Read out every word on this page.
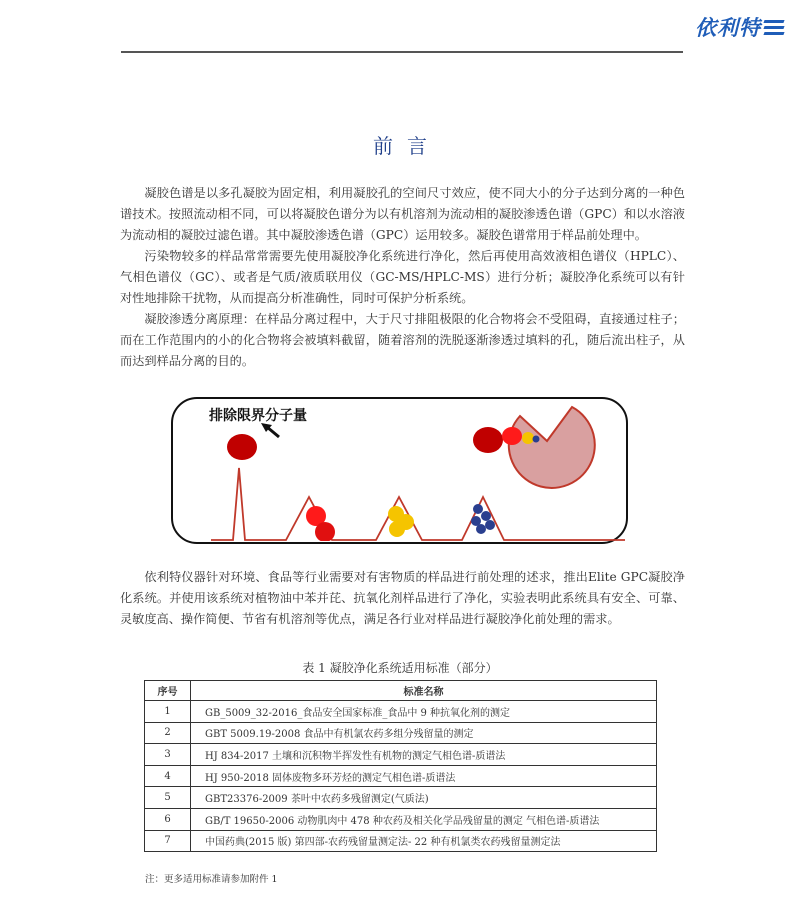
依利特
前言

凝胶色谱是以多孔凝胶为固定相，利用凝胶孔的空间尺寸效应，使不同大小的分子达到分离的一种色谱技术。按照流动相不同，可以将凝胶色谱分为以有机溶剂为流动相的凝胶渗透色谱（GPC）和以水溶液为流动相的凝胶过滤色谱。其中凝胶渗透色谱（GPC）运用较多。凝胶色谱常用于样品前处理中。

污染物较多的样品常常需要先使用凝胶净化系统进行净化，然后再使用高效液相色谱仪（HPLC）、气相色谱仪（GC）、或者是气质/液质联用仪（GC-MS/HPLC-MS）进行分析；凝胶净化系统可以有针对性地排除干扰物，从而提高分析准确性，同时可保护分析系统。

凝胶渗透分离原理：在样品分离过程中，大于尺寸排阻极限的化合物将会不受阻碍，直接通过柱子；而在工作范围内的小的化合物将会被填料截留，随着溶剂的洗脱逐渐渗透过填料的孔，随后流出柱子，从而达到样品分离的目的。

排除限界分子量

依利特仪器针对环境、食品等行业需要对有害物质的样品进行前处理的述求，推出Elite GPC凝胶净化系统。并使用该系统对植物油中苯并芘、抗氧化剂样品进行了净化，实验表明此系统具有安全、可靠、灵敏度高、操作简便、节省有机溶剂等优点，满足各行业对样品进行凝胶净化前处理的需求。

表 1 凝胶净化系统适用标准（部分）
序号	标准名称
1	GB_5009_32-2016_食品安全国家标准_食品中 9 种抗氧化剂的测定
2	GBT 5009.19-2008 食品中有机氯农药多组分残留量的测定
3	HJ 834-2017 土壤和沉积物半挥发性有机物的测定气相色谱-质谱法
4	HJ 950-2018 固体废物多环芳烃的测定气相色谱-质谱法
5	GBT23376-2009 茶叶中农药多残留测定(气质法)
6	GB/T 19650-2006 动物肌肉中 478 种农药及相关化学品残留量的测定 气相色谱-质谱法
7	中国药典(2015 版) 第四部-农药残留量测定法- 22 种有机氯类农药残留量测定法
注：更多适用标准请参加附件 1
